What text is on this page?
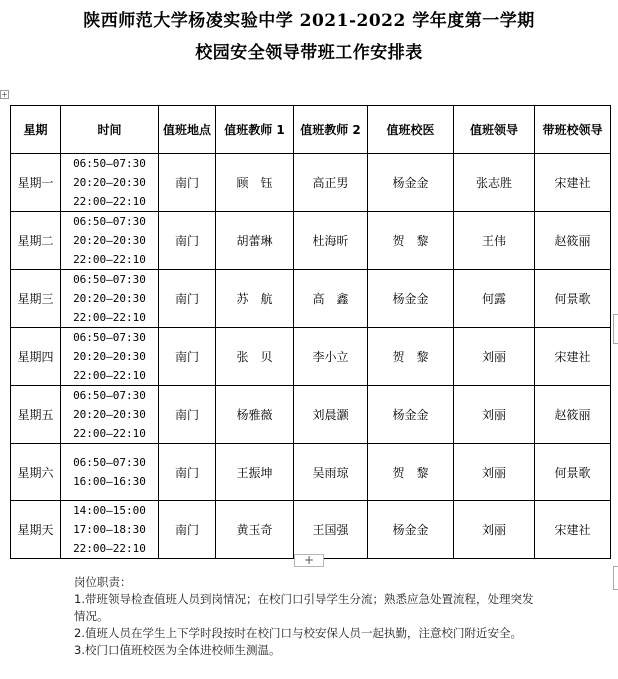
陕西师范大学杨凌实验中学 2021-2022 学年度第一学期
校园安全领导带班工作安排表
+
星期	时间	值班地点	值班教师 1	值班教师 2	值班校医	值班领导	带班校领导
星期一	06:50—07:30
20:20—20:30
22:00—22:10	南门	顾　钰	高正男	杨金金	张志胜	宋建社
星期二	06:50—07:30
20:20—20:30
22:00—22:10	南门	胡蕾琳	杜海昕	贺　黎	王伟	赵筱丽
星期三	06:50—07:30
20:20—20:30
22:00—22:10	南门	苏　航	高　鑫	杨金金	何露	何景歌
星期四	06:50—07:30
20:20—20:30
22:00—22:10	南门	张　贝	李小立	贺　黎	刘丽	宋建社
星期五	06:50—07:30
20:20—20:30
22:00—22:10	南门	杨雅薇	刘晨灏	杨金金	刘丽	赵筱丽
星期六	06:50—07:30
16:00—16:30	南门	王振坤	吴雨琼	贺　黎	刘丽	何景歌
星期天	14:00—15:00
17:00—18:30
22:00—22:10	南门	黄玉奇	王国强	杨金金	刘丽	宋建社
+

岗位职责：

1.带班领导检查值班人员到岗情况；在校门口引导学生分流；熟悉应急处置流程，处理突发

情况。

2.值班人员在学生上下学时段按时在校门口与校安保人员一起执勤，注意校门附近安全。

3.校门口值班校医为全体进校师生测温。
